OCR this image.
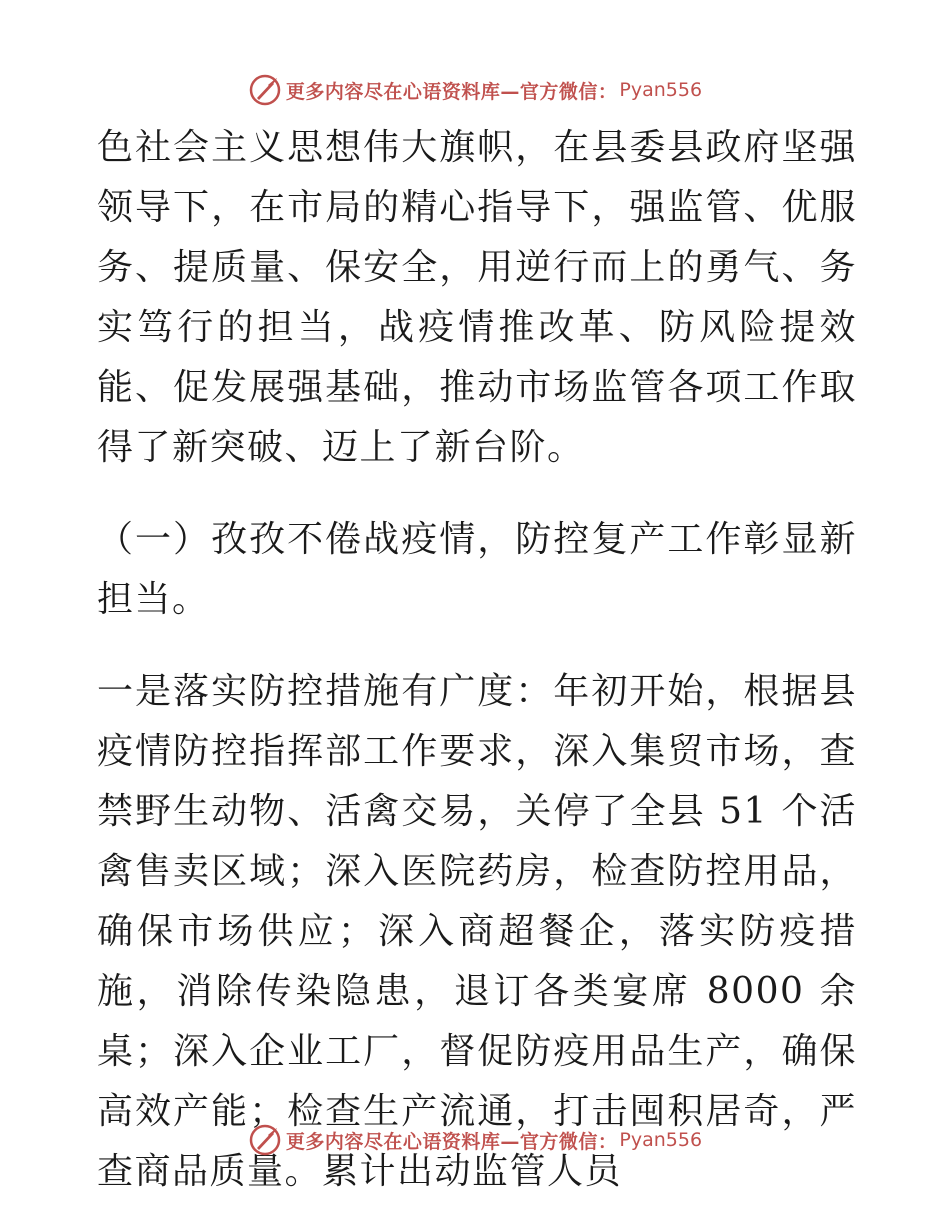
更多内容尽在心语资料库—官方微信： Pyan556

色社会主义思想伟大旗帜，在县委县政府坚强领导下，在市局的精心指导下，强监管、优服务、提质量、保安全，用逆行而上的勇气、务实笃行的担当，战疫情推改革、防风险提效能、促发展强基础，推动市场监管各项工作取得了新突破、迈上了新台阶。

（一）孜孜不倦战疫情，防控复产工作彰显新担当。

一是落实防控措施有广度：年初开始，根据县疫情防控指挥部工作要求，深入集贸市场，查禁野生动物、活禽交易，关停了全县 51 个活禽售卖区域；深入医院药房，检查防控用品，确保市场供应；深入商超餐企，落实防疫措施，消除传染隐患，退订各类宴席 8000 余桌；深入企业工厂，督促防疫用品生产，确保高效产能；检查生产流通，打击囤积居奇，严查商品质量。累计出动监管人员

更多内容尽在心语资料库—官方微信： Pyan556
